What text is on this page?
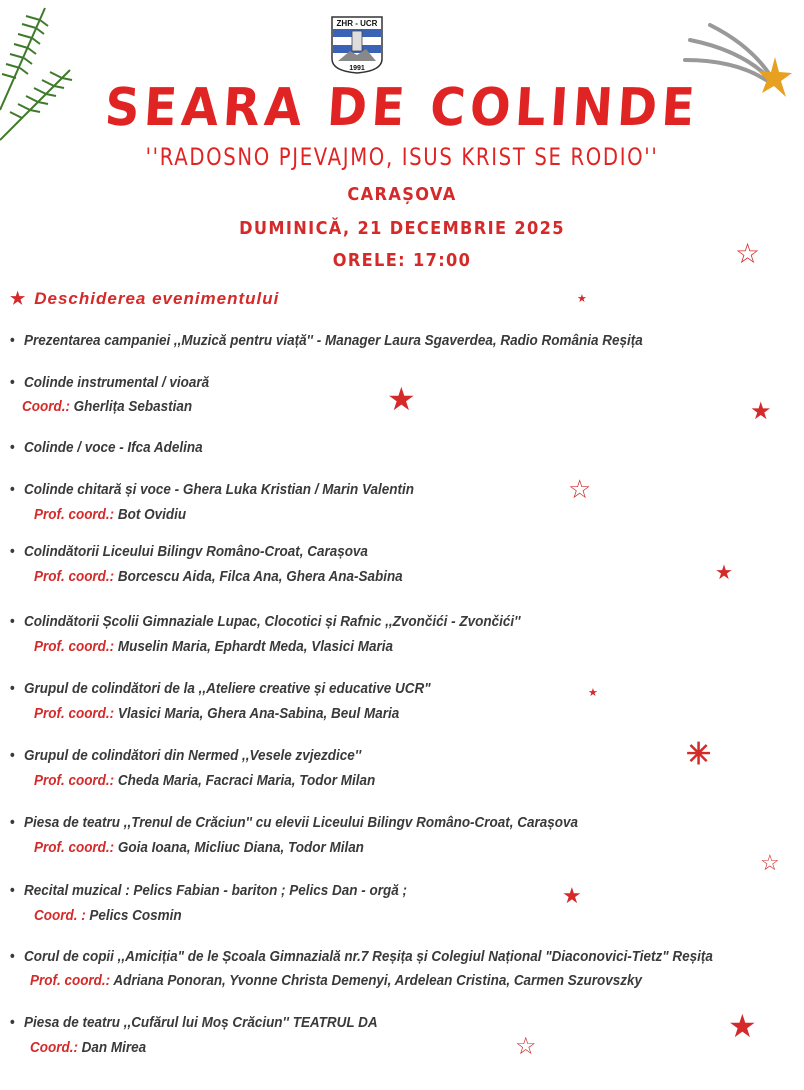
ZHR - UCR
1991
SEARA DE COLINDE
''RADOSNO PJEVAJMO, ISUS KRIST SE RODIO''
CARAȘOVA
DUMINICĂ, 21 DECEMBRIE 2025
ORELE: 17:00
★ Deschiderea evenimentului
• Prezentarea campaniei ,,Muzică pentru viață'' - Manager Laura Sgaverdea, Radio România Reșița
• Colinde instrumental / vioară
Coord.: Gherlița Sebastian
• Colinde / voce - Ifca Adelina
• Colinde chitară și voce - Ghera Luka Kristian / Marin Valentin
Prof. coord.: Bot Ovidiu
• Colindătorii Liceului Bilingv Româno-Croat, Carașova
Prof. coord.: Borcescu Aida, Filca Ana, Ghera Ana-Sabina
• Colindătorii Școlii Gimnaziale Lupac, Clocotici și Rafnic ,,Zvončići - Zvončići''
Prof. coord.: Muselin Maria, Ephardt Meda, Vlasici Maria
• Grupul de colindători de la ,,Ateliere creative și educative UCR"
Prof. coord.: Vlasici Maria, Ghera Ana-Sabina, Beul Maria
• Grupul de colindători din Nermed ,,Vesele zvjezdice''
Prof. coord.: Cheda Maria, Facraci Maria, Todor Milan
• Piesa de teatru ,,Trenul de Crăciun'' cu elevii Liceului Bilingv Româno-Croat, Carașova
Prof. coord.: Goia Ioana, Micliuc Diana, Todor Milan
• Recital muzical : Pelics Fabian - bariton ; Pelics Dan - orgă ;
Coord. : Pelics Cosmin
• Corul de copii ,,Amiciția" de le Școala Gimnazială nr.7 Reșița și Colegiul Național "Diaconovici-Tietz" Reșița
Prof. coord.: Adriana Ponoran, Yvonne Christa Demenyi, Ardelean Cristina, Carmen Szurovszky
• Piesa de teatru ,,Cufărul lui Moș Crăciun'' TEATRUL DA
Coord.: Dan Mirea
☆
★
★	★
☆
★
★
☆
★
★
☆
✳
